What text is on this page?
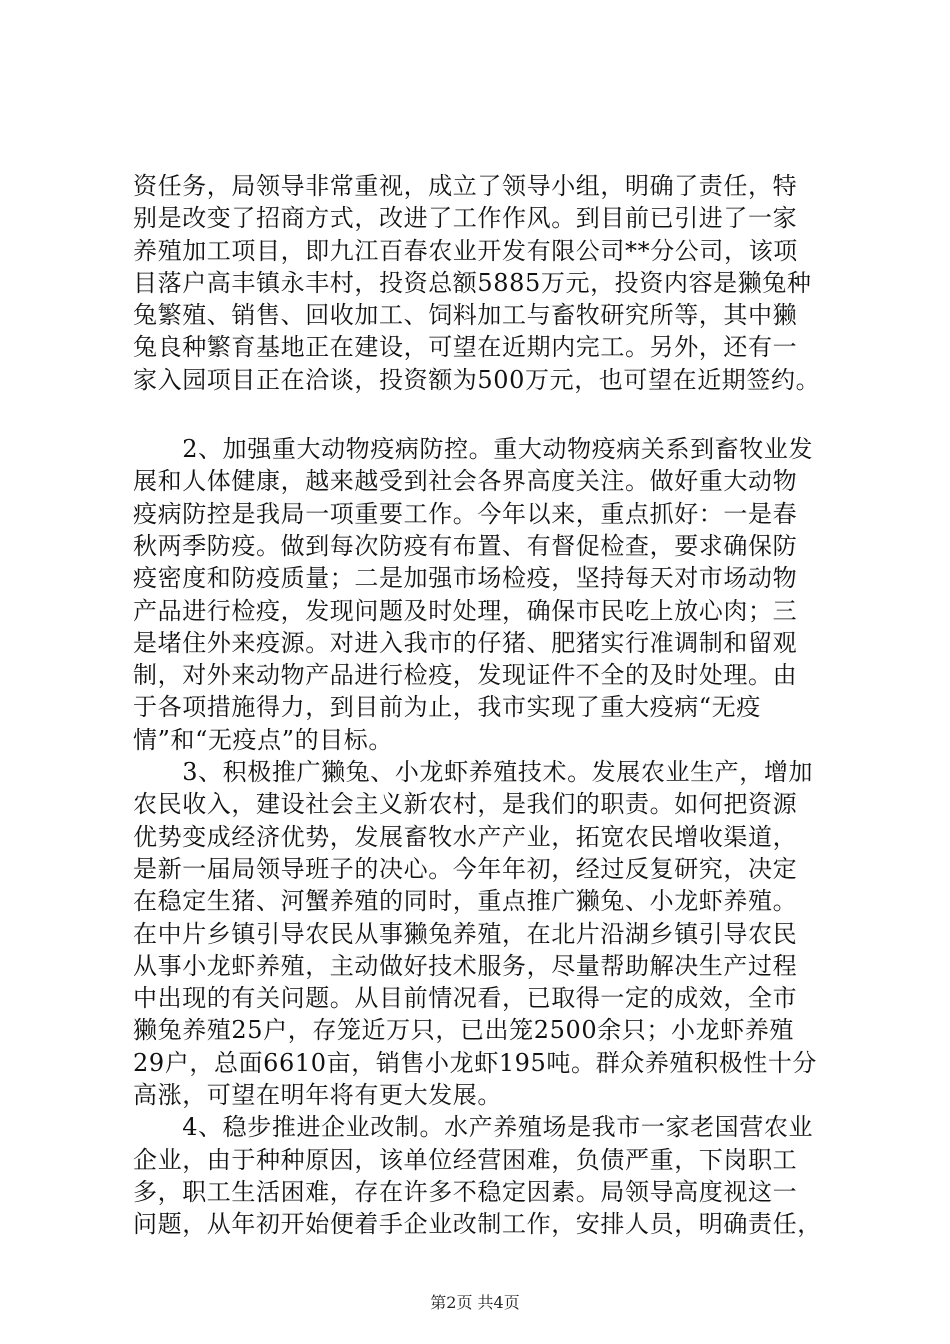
资任务，局领导非常重视，成立了领导小组，明确了责任，特
别是改变了招商方式，改进了工作作风。到目前已引进了一家
养殖加工项目，即九江百春农业开发有限公司**分公司，该项
目落户高丰镇永丰村，投资总额5885万元，投资内容是獭兔种
兔繁殖、销售、回收加工、饲料加工与畜牧研究所等，其中獭
兔良种繁育基地正在建设，可望在近期内完工。另外，还有一
家入园项目正在洽谈，投资额为500万元，也可望在近期签约。
　　2、加强重大动物疫病防控。重大动物疫病关系到畜牧业发
展和人体健康，越来越受到社会各界高度关注。做好重大动物
疫病防控是我局一项重要工作。今年以来，重点抓好：一是春
秋两季防疫。做到每次防疫有布置、有督促检查，要求确保防
疫密度和防疫质量；二是加强市场检疫，坚持每天对市场动物
产品进行检疫，发现问题及时处理，确保市民吃上放心肉；三
是堵住外来疫源。对进入我市的仔猪、肥猪实行准调制和留观
制，对外来动物产品进行检疫，发现证件不全的及时处理。由
于各项措施得力，到目前为止，我市实现了重大疫病“无疫
情”和“无疫点”的目标。
　　3、积极推广獭兔、小龙虾养殖技术。发展农业生产，增加
农民收入，建设社会主义新农村，是我们的职责。如何把资源
优势变成经济优势，发展畜牧水产产业，拓宽农民增收渠道，
是新一届局领导班子的决心。今年年初，经过反复研究，决定
在稳定生猪、河蟹养殖的同时，重点推广獭兔、小龙虾养殖。
在中片乡镇引导农民从事獭兔养殖，在北片沿湖乡镇引导农民
从事小龙虾养殖，主动做好技术服务，尽量帮助解决生产过程
中出现的有关问题。从目前情况看，已取得一定的成效，全市
獭兔养殖25户，存笼近万只，已出笼2500余只；小龙虾养殖
29户，总面6610亩，销售小龙虾195吨。群众养殖积极性十分
高涨，可望在明年将有更大发展。
　　4、稳步推进企业改制。水产养殖场是我市一家老国营农业
企业，由于种种原因，该单位经营困难，负债严重，下岗职工
多，职工生活困难，存在许多不稳定因素。局领导高度视这一
问题，从年初开始便着手企业改制工作，安排人员，明确责任，
第2页 共4页
